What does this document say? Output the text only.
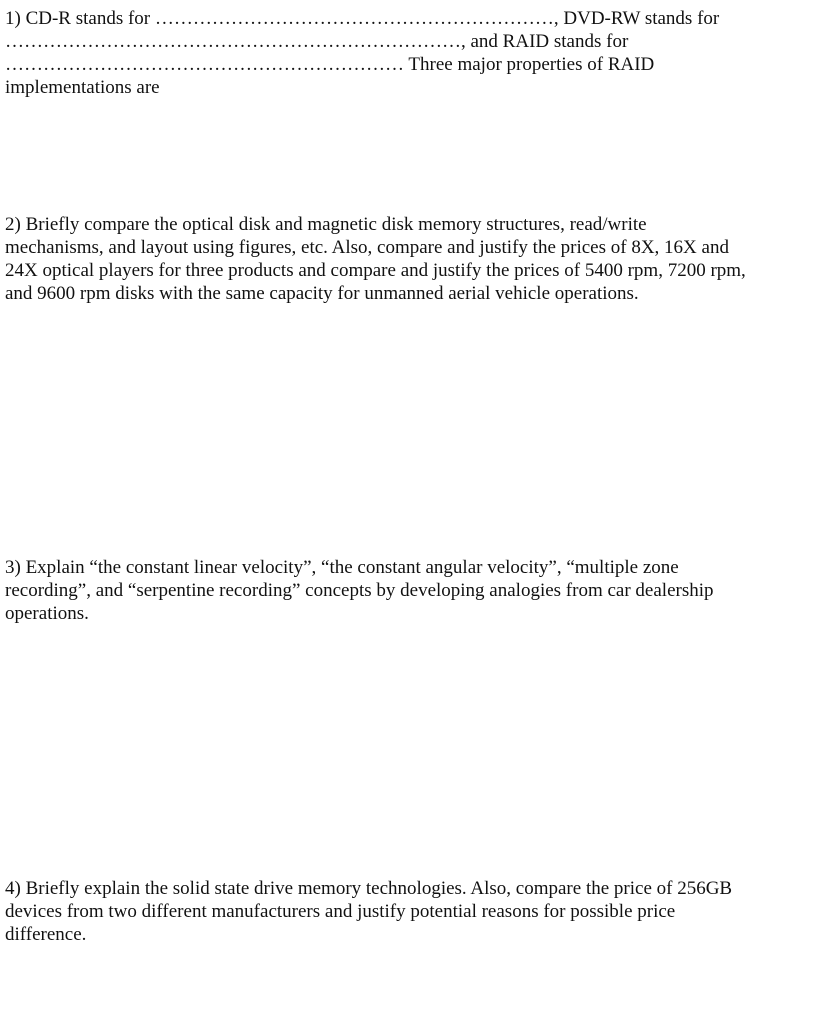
1) CD-R stands for ………………………………………………………, DVD-RW stands for
………………………………………………………………, and RAID stands for
……………………………………………………… Three major properties of RAID
implementations are
2) Briefly compare the optical disk and magnetic disk memory structures, read/write
mechanisms, and layout using figures, etc. Also, compare and justify the prices of 8X, 16X and
24X optical players for three products and compare and justify the prices of 5400 rpm, 7200 rpm,
and 9600 rpm disks with the same capacity for unmanned aerial vehicle operations.
3) Explain “the constant linear velocity”, “the constant angular velocity”, “multiple zone
recording”, and “serpentine recording” concepts by developing analogies from car dealership
operations.
4) Briefly explain the solid state drive memory technologies. Also, compare the price of 256GB
devices from two different manufacturers and justify potential reasons for possible price
difference.
